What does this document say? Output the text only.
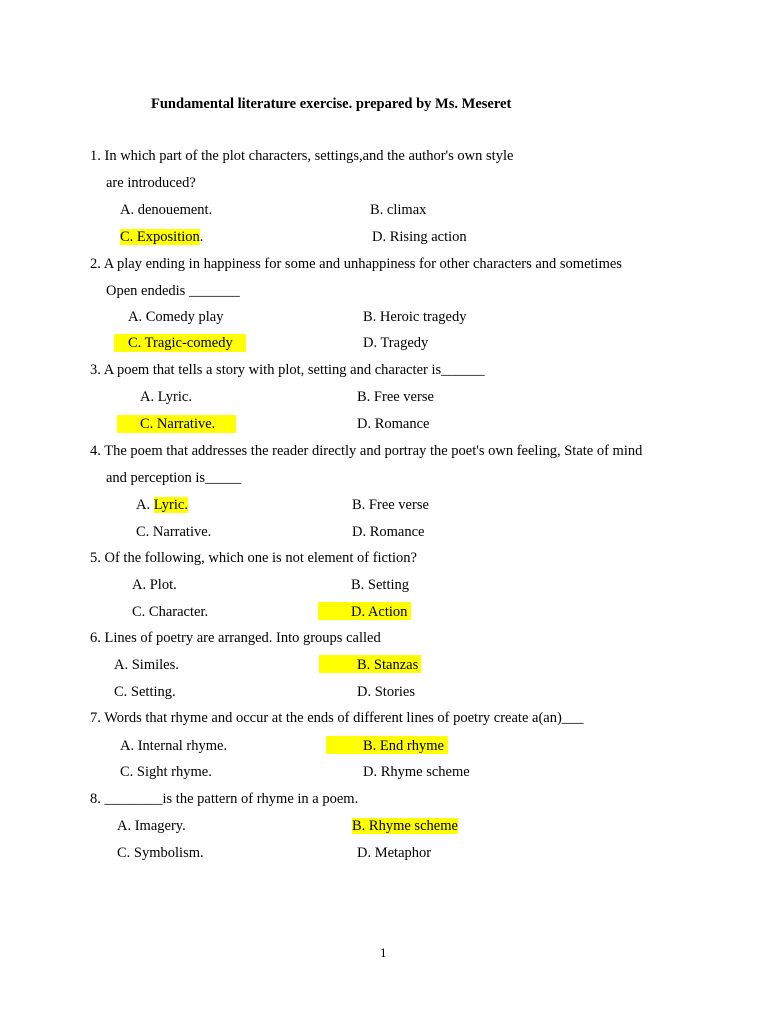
Fundamental literature exercise. prepared by Ms. Meseret
1. In which part of the plot characters, settings,and the author's own style
are introduced?
A. denouement.	B. climax
C. Exposition.	D. Rising action
2. A play ending in happiness for some and unhappiness for other characters and sometimes
Open endedis _______
A. Comedy play	B. Heroic tragedy
C. Tragic-comedy	D. Tragedy
3. A poem that tells a story with plot, setting and character is______
A. Lyric.	B. Free verse
C. Narrative.	D. Romance
4. The poem that addresses the reader directly and portray the poet's own feeling, State of mind
and perception is_____
A. Lyric.	B. Free verse
C. Narrative.	D. Romance
5. Of the following, which one is not element of fiction?
A. Plot.	B. Setting
C. Character.	D. Action
6. Lines of poetry are arranged. Into groups called
A. Similes.	B. Stanzas
C. Setting.	D. Stories
7. Words that rhyme and occur at the ends of different lines of poetry create a(an)___
A. Internal rhyme.	B. End rhyme
C. Sight rhyme.	D. Rhyme scheme
8. ________is the pattern of rhyme in a poem.
A. Imagery.	B. Rhyme scheme
C. Symbolism.	D. Metaphor
1
